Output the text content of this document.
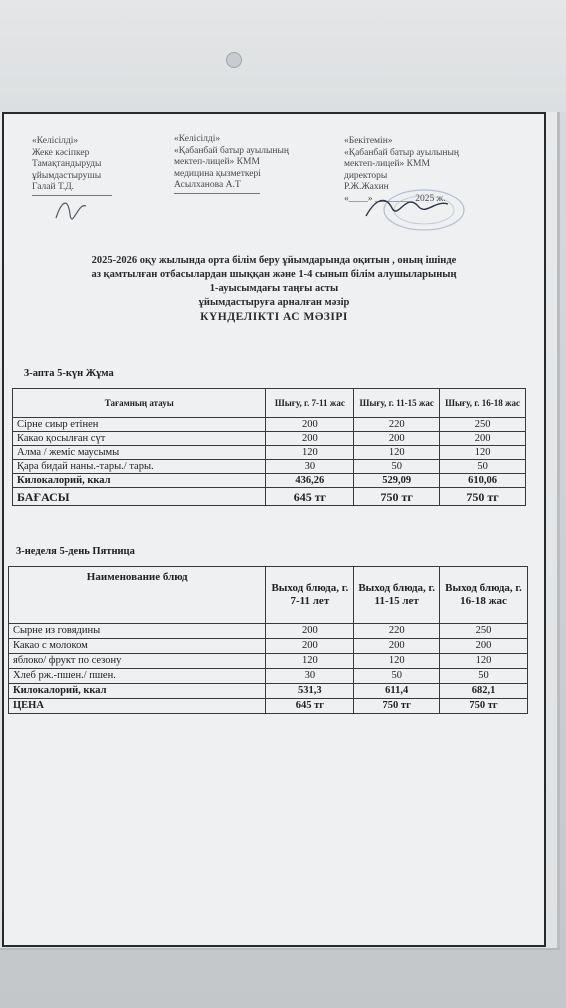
«Келісілді»
Жеке кәсіпкер
Тамақтандыруды
ұйымдастырушы
Галай Т.Д.
«Келісілді»
«Қабанбай батыр ауылының
мектеп-лицей» КММ
медицина қызметкері
Асылханова А.Т
«Бекітемін»
«Қабанбай батыр ауылының
мектеп-лицей» КММ
директоры
Р.Ж.Жахин
«____» ________ 2025 ж.
2025-2026 оқу жылында орта білім беру ұйымдарында оқитын , оның ішінде
аз қамтылған отбасылардан шыққан және 1-4 сынып білім алушыларының
1-ауысымдағы таңғы асты
ұйымдастыруға арналған мәзір
КҮНДЕЛІКТІ АС МӘЗІРІ
3-апта 5-күн Жұма
Тағамның атауы	Шығу, г. 7-11 жас	Шығу, г. 11-15 жас	Шығу, г. 16-18 жас
Сірне сиыр етінен	200	220	250
Какао қосылған сүт	200	200	200
Алма / жеміс маусымы	120	120	120
Қара бидай наны.-тары./ тары.	30	50	50
Килокалорий, ккал	436,26	529,09	610,06
БАҒАСЫ	645 тг	750 тг	750 тг
3-неделя 5-день Пятница
Наименование блюд	Выход блюда, г. 7-11 лет	Выход блюда, г. 11-15 лет	Выход блюда, г. 16-18 жас
Сырне из говядины	200	220	250
Какао с молоком	200	200	200
яблоко/ фрукт по сезону	120	120	120
Хлеб рж.-пшен./ пшен.	30	50	50
Килокалорий, ккал	531,3	611,4	682,1
ЦЕНА	645 тг	750 тг	750 тг
